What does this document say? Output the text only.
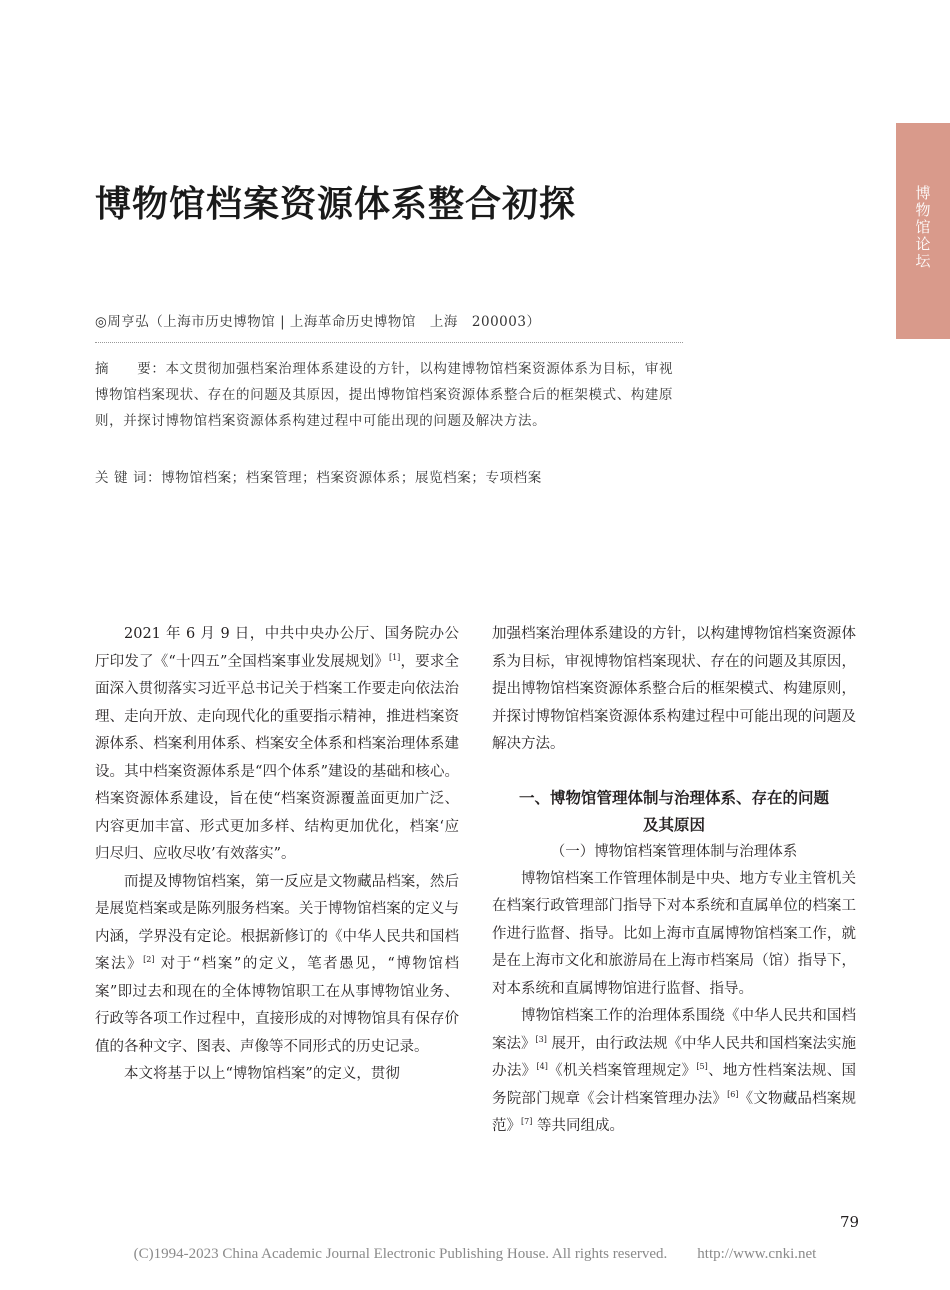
博物馆论坛
博物馆档案资源体系整合初探
◎周亨弘（上海市历史博物馆 | 上海革命历史博物馆　上海　200003）
摘　　要：本文贯彻加强档案治理体系建设的方针，以构建博物馆档案资源体系为目标，审视博物馆档案现状、存在的问题及其原因，提出博物馆档案资源体系整合后的框架模式、构建原则，并探讨博物馆档案资源体系构建过程中可能出现的问题及解决方法。
关 键 词：博物馆档案；档案管理；档案资源体系；展览档案；专项档案

2021 年 6 月 9 日，中共中央办公厅、国务院办公厅印发了《“十四五”全国档案事业发展规划》[1]，要求全面深入贯彻落实习近平总书记关于档案工作要走向依法治理、走向开放、走向现代化的重要指示精神，推进档案资源体系、档案利用体系、档案安全体系和档案治理体系建设。其中档案资源体系是“四个体系”建设的基础和核心。档案资源体系建设，旨在使“档案资源覆盖面更加广泛、内容更加丰富、形式更加多样、结构更加优化，档案‘应归尽归、应收尽收’有效落实”。

而提及博物馆档案，第一反应是文物藏品档案，然后是展览档案或是陈列服务档案。关于博物馆档案的定义与内涵，学界没有定论。根据新修订的《中华人民共和国档案法》[2] 对于“档案”的定义，笔者愚见，“博物馆档案”即过去和现在的全体博物馆职工在从事博物馆业务、行政等各项工作过程中，直接形成的对博物馆具有保存价值的各种文字、图表、声像等不同形式的历史记录。

本文将基于以上“博物馆档案”的定义，贯彻

加强档案治理体系建设的方针，以构建博物馆档案资源体系为目标，审视博物馆档案现状、存在的问题及其原因，提出博物馆档案资源体系整合后的框架模式、构建原则，并探讨博物馆档案资源体系构建过程中可能出现的问题及解决方法。

一、博物馆管理体制与治理体系、存在的问题
及其原因
（一）博物馆档案管理体制与治理体系

博物馆档案工作管理体制是中央、地方专业主管机关在档案行政管理部门指导下对本系统和直属单位的档案工作进行监督、指导。比如上海市直属博物馆档案工作，就是在上海市文化和旅游局在上海市档案局（馆）指导下，对本系统和直属博物馆进行监督、指导。

博物馆档案工作的治理体系围绕《中华人民共和国档案法》[3] 展开，由行政法规《中华人民共和国档案法实施办法》[4]《机关档案管理规定》[5]、地方性档案法规、国务院部门规章《会计档案管理办法》[6]《文物藏品档案规范》[7] 等共同组成。

79
(C)1994-2023 China Academic Journal Electronic Publishing House. All rights reserved.　　http://www.cnki.net
